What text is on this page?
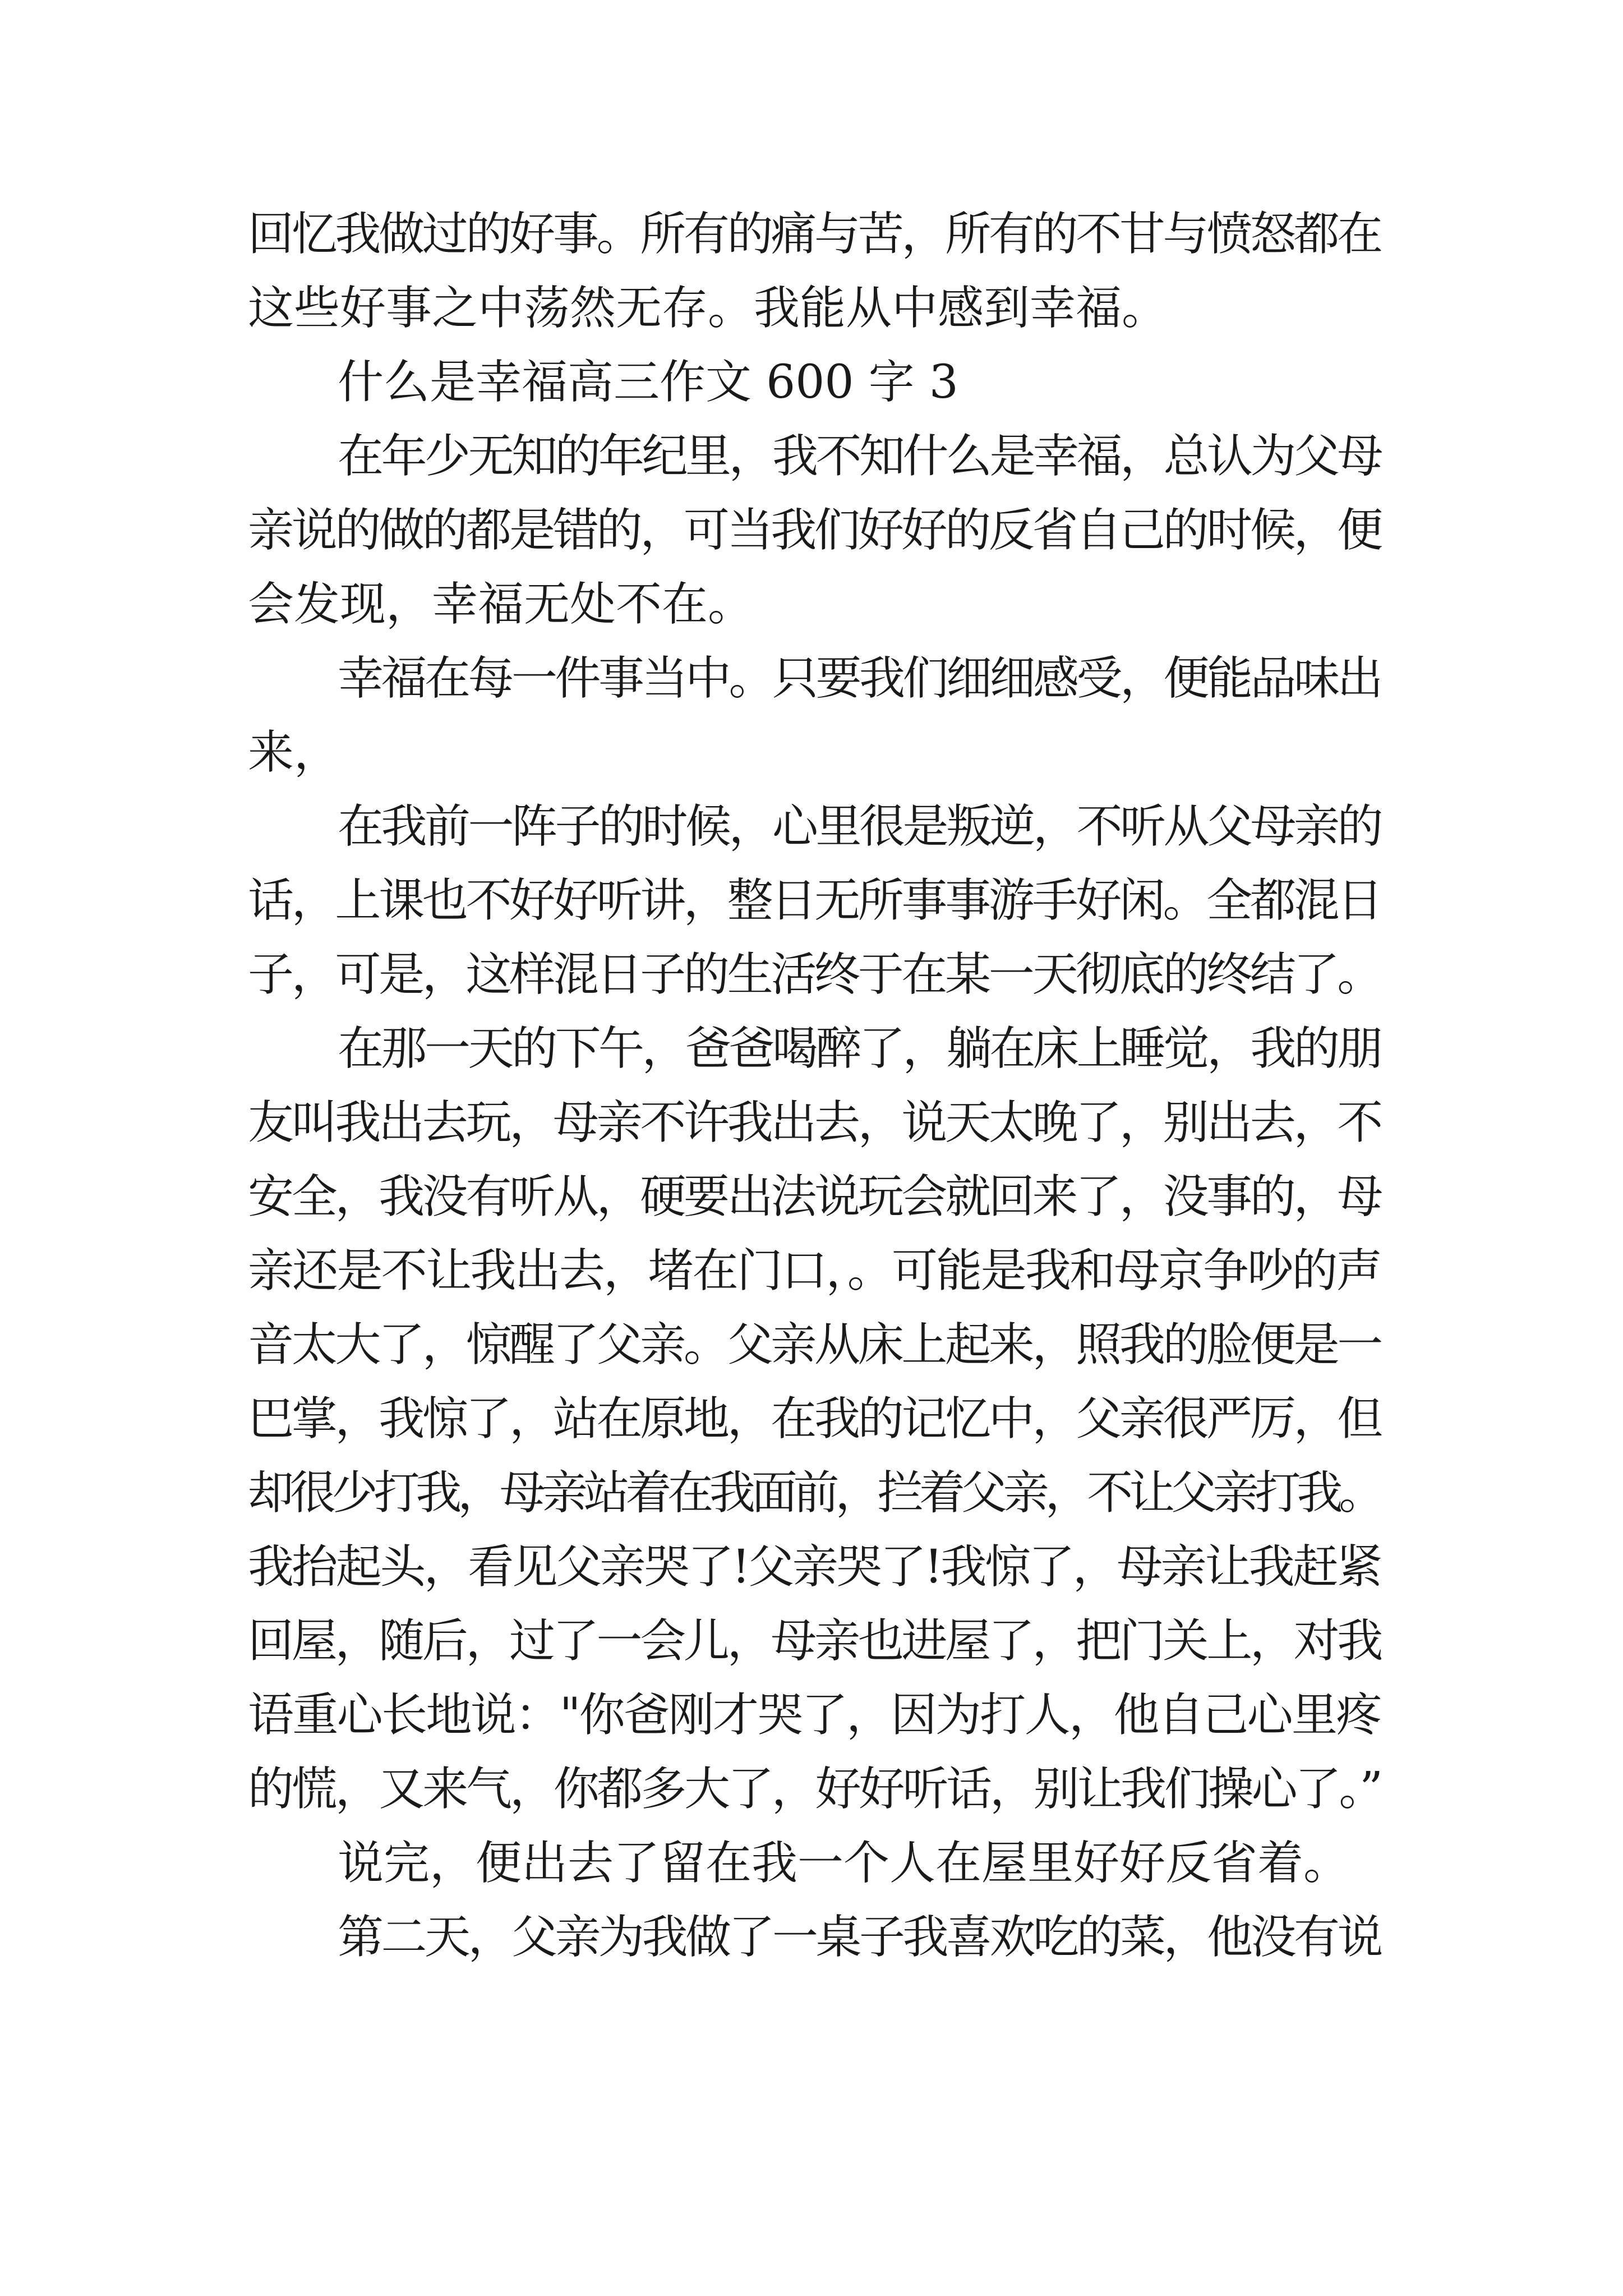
回忆我做过的好事。所有的痛与苦，所有的不甘与愤怒都在
这些好事之中荡然无存。我能从中感到幸福。
什么是幸福高三作文 600 字 3
在年少无知的年纪里，我不知什么是幸福，总认为父母
亲说的做的都是错的，可当我们好好的反省自己的时候，便
会发现，幸福无处不在。
幸福在每一件事当中。只要我们细细感受，便能品味出
来，
在我前一阵子的时候，心里很是叛逆，不听从父母亲的
话，上课也不好好听讲，整日无所事事游手好闲。全都混日
子，可是，这样混日子的生活终于在某一天彻底的终结了。
在那一天的下午，爸爸喝醉了，躺在床上睡觉，我的朋
友叫我出去玩，母亲不许我出去，说天太晚了，别出去，不
安全，我没有听从，硬要出法说玩会就回来了，没事的，母
亲还是不让我出去，堵在门口，。可能是我和母京争吵的声
音太大了，惊醒了父亲。父亲从床上起来，照我的脸便是一
巴掌，我惊了，站在原地，在我的记忆中，父亲很严厉，但
却很少打我，母亲站着在我面前，拦着父亲，不让父亲打我。
我抬起头，看见父亲哭了!父亲哭了!我惊了，母亲让我赶紧
回屋，随后，过了一会儿，母亲也进屋了，把门关上，对我
语重心长地说："你爸刚才哭了，因为打人，他自己心里疼
的慌，又来气，你都多大了，好好听话，别让我们操心了。”
说完，便出去了留在我一个人在屋里好好反省着。
第二天，父亲为我做了一桌子我喜欢吃的菜，他没有说
